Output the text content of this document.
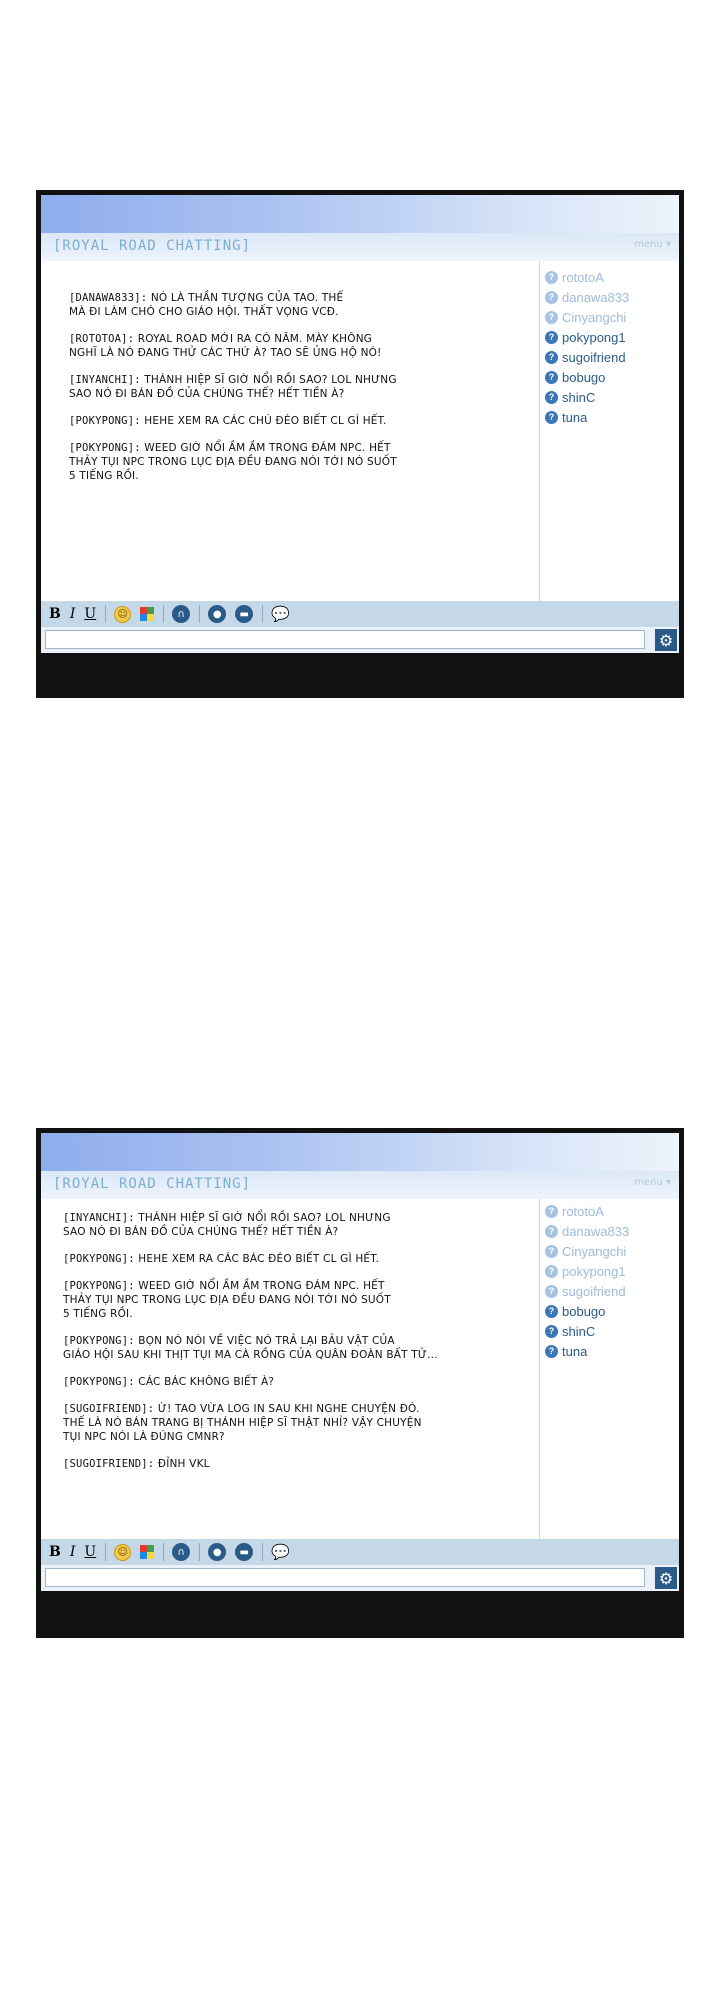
[ROYAL ROAD CHATTING]	menu ▾

[DANAWA833]: NÓ LÀ THẦN TƯỢNG CỦA TAO. THẾ
MÀ ĐI LÀM CHÓ CHO GIÁO HỘI. THẤT VỌNG VCĐ.

[ROTOTOA]: ROYAL ROAD MỚI RA CÓ NĂM. MÀY KHÔNG
NGHĨ LÀ NÓ ĐANG THỬ CÁC THỨ À? TAO SẼ ỦNG HỘ NÓ!

[INYANCHI]: THÁNH HIỆP SĨ GIỜ NỔI RỒI SAO? LOL NHƯNG
SAO NÓ ĐI BÁN ĐỒ CỦA CHÚNG THẾ? HẾT TIỀN À?

[POKYPONG]: HEHE XEM RA CÁC CHÚ ĐÉO BIẾT CL GÌ HẾT.

[POKYPONG]: WEED GIỜ NỔI ẦM ẦM TRONG ĐÁM NPC. HẾT
THẢY TỤI NPC TRONG LỤC ĐỊA ĐỀU ĐANG NÓI TỚI NÓ SUỐT
5 TIẾNG RỒI.

? rototoA
? danawa833
? Cinyangchi
? pokypong1
? sugoifriend
? bobugo
? shinC
? tuna
B I U	☺	∩	●	▬ 💬
⚙
[ROYAL ROAD CHATTING]	menu ▾

[INYANCHI]: THÁNH HIỆP SĨ GIỜ NỔI RỒI SAO? LOL NHƯNG
SAO NÓ ĐI BÁN ĐỒ CỦA CHÚNG THẾ? HẾT TIỀN À?

[POKYPONG]: HEHE XEM RA CÁC BÁC ĐÉO BIẾT CL GÌ HẾT.

[POKYPONG]: WEED GIỜ NỔI ẦM ẦM TRONG ĐÁM NPC. HẾT
THẢY TỤI NPC TRONG LỤC ĐỊA ĐỀU ĐANG NÓI TỚI NÓ SUỐT
5 TIẾNG RỒI.

[POKYPONG]: BỌN NÓ NÓI VỀ VIỆC NÓ TRẢ LẠI BẢU VẬT CỦA
GIÁO HỘI SAU KHI THỊT TỤI MA CÀ RỒNG CỦA QUÂN ĐOÀN BẤT TỬ...

[POKYPONG]: CÁC BÁC KHÔNG BIẾT À?

[SUGOIFRIEND]: Ừ! TAO VỪA LOG IN SAU KHI NGHE CHUYỆN ĐÓ.
THẾ LÀ NÓ BÁN TRANG BỊ THÁNH HIỆP SĨ THẬT NHỈ? VẬY CHUYỆN
TỤI NPC NÓI LÀ ĐÚNG CMNR?

[SUGOIFRIEND]: ĐỈNH VKL

? rototoA
? danawa833
? Cinyangchi
? pokypong1
? sugoifriend
? bobugo
? shinC
? tuna
B I U	☺	∩	●	▬ 💬
⚙
